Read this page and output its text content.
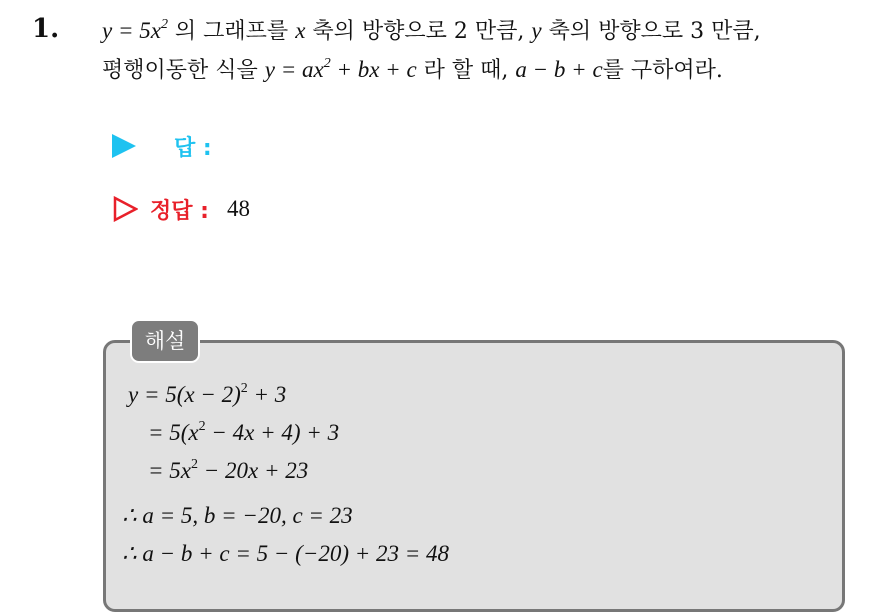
1. $y = 5x^2$ 의 그래프를 x 축의 방향으로 2 만큼, y 축의 방향으로 3 만큼,
평행이동한 식을 $y = ax^2$ + bx + c 라 할 때, a − b + c를 구하여라.
답 :
정답 : 48
해설
$y = 5(x - 2)^2 + 3$
= $5(x^2 - 4x + 4) + 3$
= $5x^2 - 20x + 23$
∴ a = 5, b = −20, c = 23
∴ a − b + c = 5 − (−20) + 23 = 48
